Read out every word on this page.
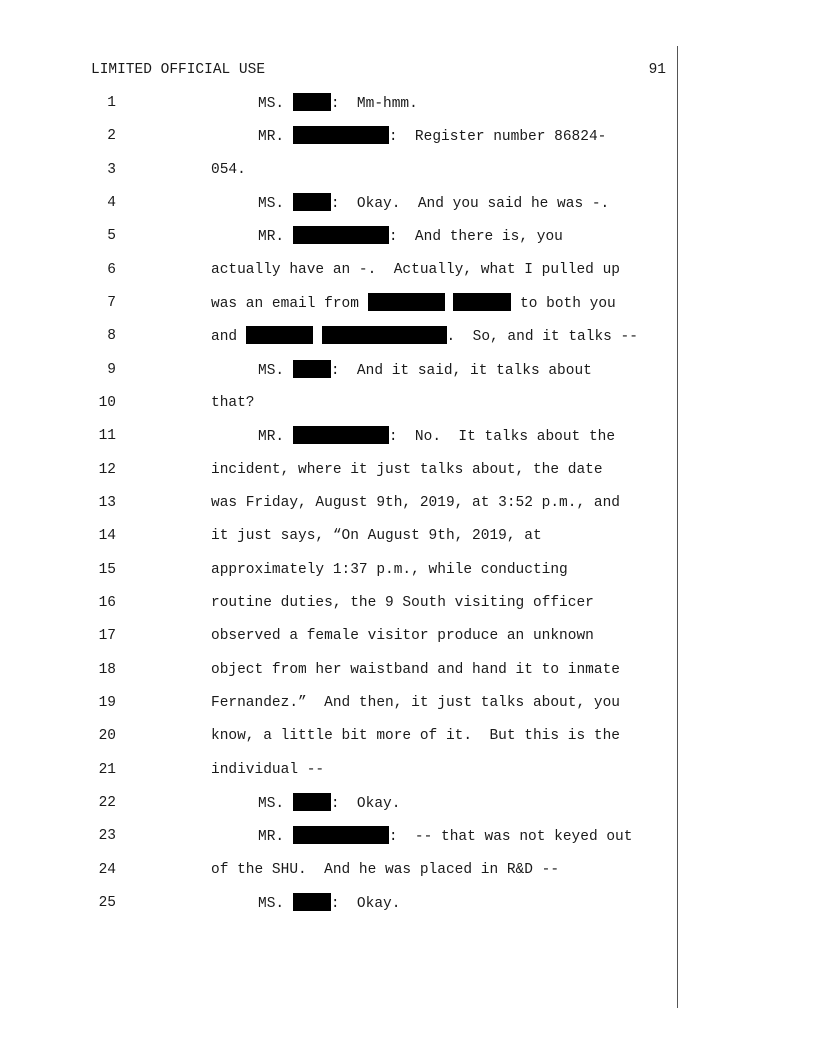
LIMITED OFFICIAL USE	91
1	MS.	:  Mm-hmm.
2	MR.	:  Register number 86824-
3	054.
4	MS.	:  Okay.  And you said he was -.
5	MR.	:  And there is, you
6	actually have an -.  Actually, what I pulled up
7	was an email from	to both you
8	and	.  So, and it talks --
9	MS.	:  And it said, it talks about
10	that?
11	MR.	:  No.  It talks about the
12	incident, where it just talks about, the date
13	was Friday, August 9th, 2019, at 3:52 p.m., and
14	it just says, “On August 9th, 2019, at
15	approximately 1:37 p.m., while conducting
16	routine duties, the 9 South visiting officer
17	observed a female visitor produce an unknown
18	object from her waistband and hand it to inmate
19	Fernandez.”  And then, it just talks about, you
20	know, a little bit more of it.  But this is the
21	individual --
22	MS.	:  Okay.
23	MR.	:  -- that was not keyed out
24	of the SHU.  And he was placed in R&D --
25	MS.	:  Okay.
